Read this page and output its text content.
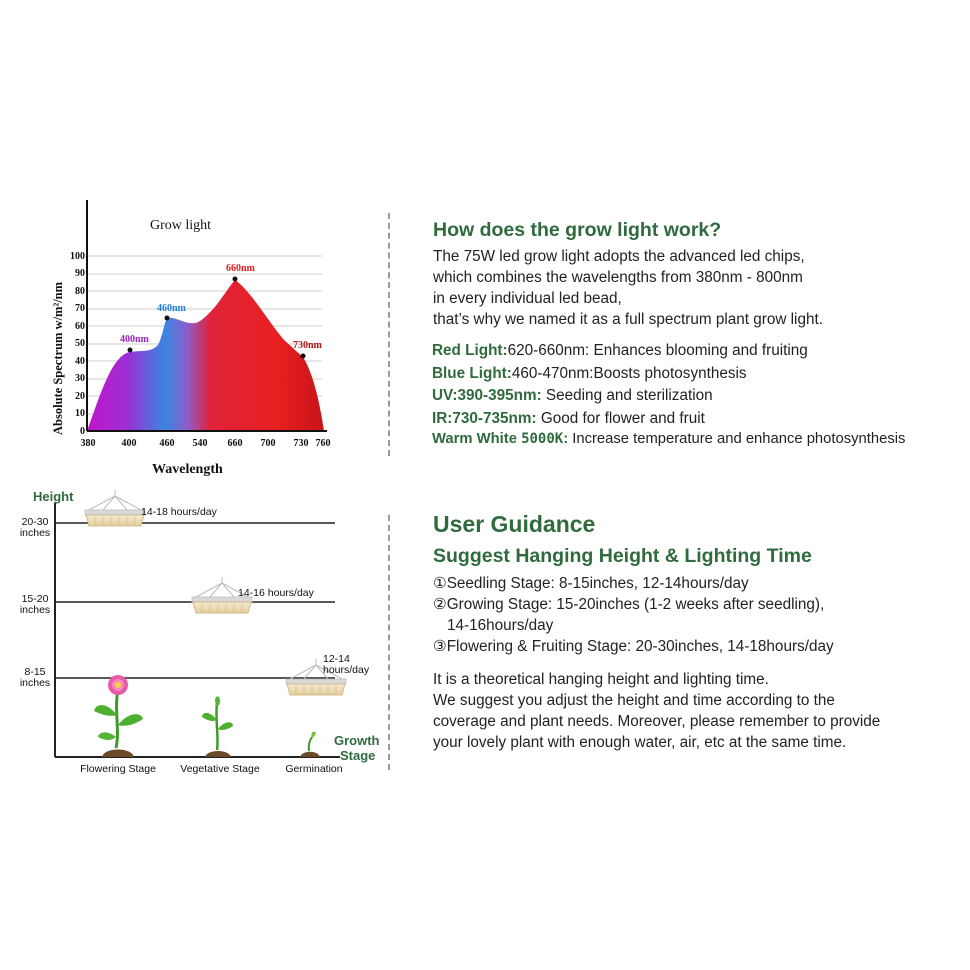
0
10
20
30
40
50
60
70
80
90
100
380	400 460 540 660 700 730 760
400nm
460nm
660nm
730nm
Grow light
Wavelength
Absolute Spectrum w/m²/nm
Height
Growth
Stage
20-30
inches
15-20
inches
8-15
inches
14-18 hours/day
14-16 hours/day
12-14
hours/day
Flowering Stage Vegetative Stage Germination
How does the grow light work?
The 75W led grow light adopts the advanced led chips,
which combines the wavelengths from 380nm - 800nm
in every individual led bead,
that’s why we named it as a full spectrum plant grow light.
Red Light:620-660nm: Enhances blooming and fruiting
Blue Light:460-470nm:Boosts photosynthesis
UV:390-395nm: Seeding and sterilization
IR:730-735nm: Good for flower and fruit
Warm White 5000K: Increase temperature and enhance photosynthesis
User Guidance
Suggest Hanging Height & Lighting Time
①Seedling Stage: 8-15inches, 12-14hours/day
②Growing Stage: 15-20inches (1-2 weeks after seedling),
14-16hours/day
③Flowering & Fruiting Stage: 20-30inches, 14-18hours/day
It is a theoretical hanging height and lighting time.
We suggest you adjust the height and time according to the
coverage and plant needs. Moreover, please remember to provide
your lovely plant with enough water, air, etc at the same time.
